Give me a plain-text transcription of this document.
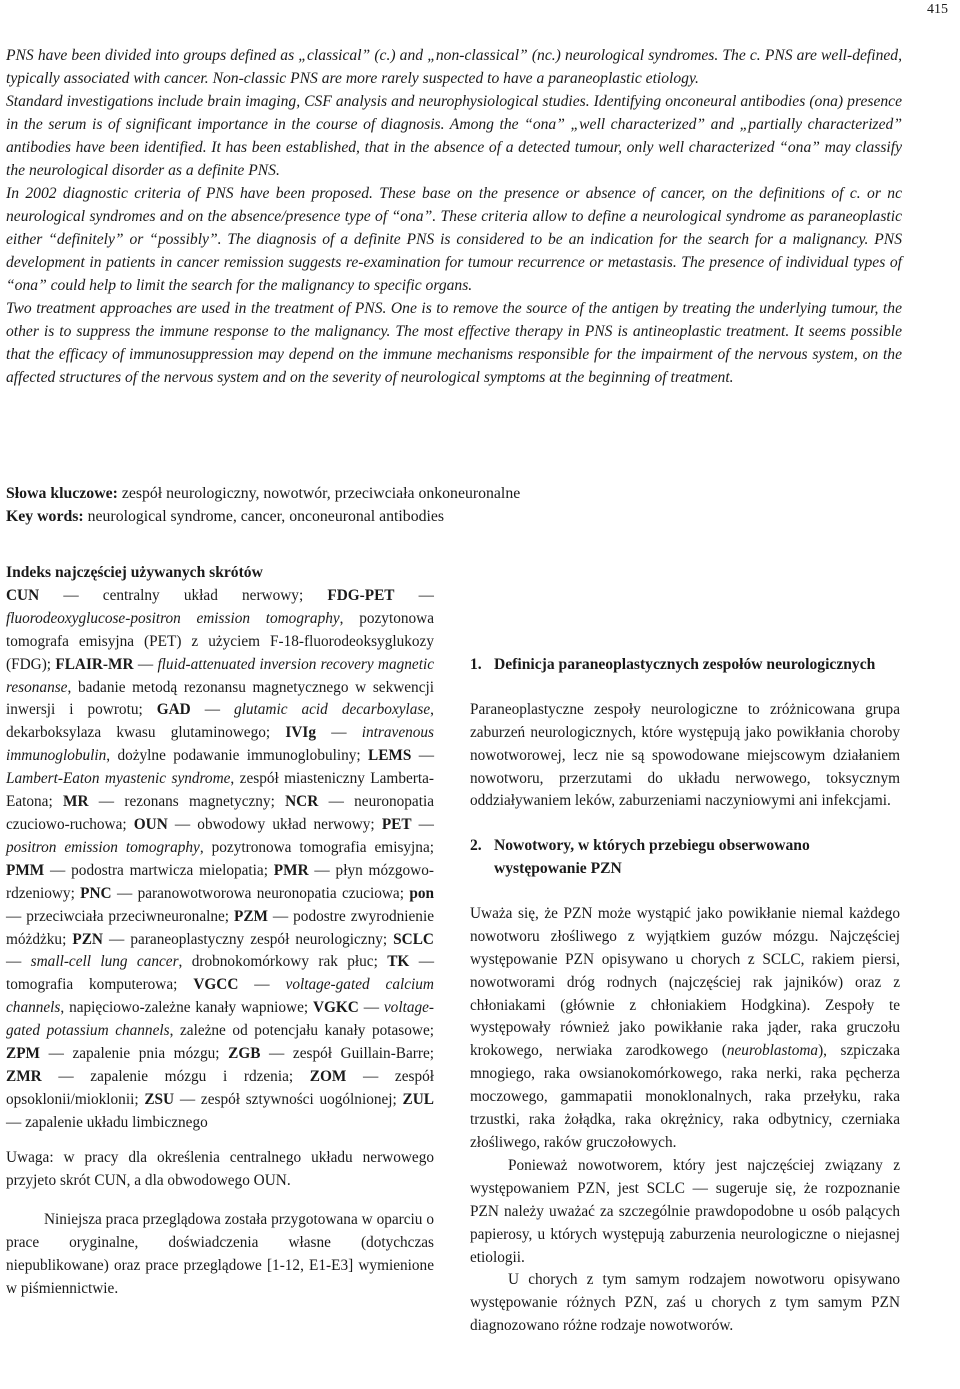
415

PNS have been divided into groups defined as „classical” (c.) and „non-classical” (nc.) neurological syndromes. The c. PNS are well-defined, typically associated with cancer. Non-classic PNS are more rarely suspected to have a paraneoplastic etiology.

Standard investigations include brain imaging, CSF analysis and neurophysiological studies. Identifying onconeural antibodies (ona) presence in the serum is of significant importance in the course of diagnosis. Among the “ona” „well characterized” and „partially characterized” antibodies have been identified. It has been established, that in the absence of a detected tumour, only well characterized “ona” may classify the neurological disorder as a definite PNS.

In 2002 diagnostic criteria of PNS have been proposed. These base on the presence or absence of cancer, on the definitions of c. or nc neurological syndromes and on the absence/presence type of “ona”. These criteria allow to define a neurological syndrome as paraneoplastic either “definitely” or “possibly”. The diagnosis of a definite PNS is considered to be an indication for the search for a malignancy. PNS development in patients in cancer remission suggests re-examination for tumour recurrence or metastasis. The presence of individual types of “ona” could help to limit the search for the malignancy to specific organs.

Two treatment approaches are used in the treatment of PNS. One is to remove the source of the antigen by treating the underlying tumour, the other is to suppress the immune response to the malignancy. The most effective therapy in PNS is antineoplastic treatment. It seems possible that the efficacy of immunosuppression may depend on the immune mechanisms responsible for the impairment of the nervous system, on the affected structures of the nervous system and on the severity of neurological symptoms at the beginning of treatment.

Słowa kluczowe: zespół neurologiczny, nowotwór, przeciwciała onkoneuronalne
Key words: neurological syndrome, cancer, onconeuronal antibodies

Indeks najczęściej używanych skrótów

CUN — centralny układ nerwowy; FDG-PET — fluorodeoxyglucose-positron emission tomography, pozytonowa tomografa emisyjna (PET) z użyciem F-18-fluorodeoksyglukozy (FDG); FLAIR-MR — fluid-attenuated inversion recovery magnetic resonanse, badanie metodą rezonansu magnetycznego w sekwencji inwersji i powrotu; GAD — glutamic acid decarboxylase, dekarboksylaza kwasu glutaminowego; IVIg — intravenous immunoglobulin, dożylne podawanie immunoglobuliny; LEMS — Lambert-Eaton myastenic syndrome, zespół miasteniczny Lamberta-Eatona; MR — rezonans magnetyczny; NCR — neuronopatia czuciowo-ruchowa; OUN — obwodowy układ nerwowy; PET — positron emission tomography, pozytronowa tomografia emisyjna; PMM — podostra martwicza mielopatia; PMR — płyn mózgowo-rdzeniowy; PNC — paranowotworowa neuronopatia czuciowa; pon — przeciwciała przeciwneuronalne; PZM — podostre zwyrodnienie móżdżku; PZN — paraneoplastyczny zespół neurologiczny; SCLC — small-cell lung cancer, drobnokomórkowy rak płuc; TK — tomografia komputerowa; VGCC — voltage-gated calcium channels, napięciowo-zależne kanały wapniowe; VGKC — voltage-gated potassium channels, zależne od potencjału kanały potasowe; ZPM — zapalenie pnia mózgu; ZGB — zespół Guillain-Barre; ZMR — zapalenie mózgu i rdzenia; ZOM — zespół opsoklonii/mioklonii; ZSU — zespół sztywności uogólnionej; ZUL — zapalenie układu limbicznego

Uwaga: w pracy dla określenia centralnego układu nerwowego przyjeto skrót CUN, a dla obwodowego OUN.

Niniejsza praca przeglądowa została przygotowana w oparciu o prace oryginalne, doświadczenia własne (dotychczas niepublikowane) oraz prace przeglądowe [1-12, E1-E3] wymienione w piśmiennictwie.

1. Definicja paraneoplastycznych zespołów neurologicznych

Paraneoplastyczne zespoły neurologiczne to zróżnicowana grupa zaburzeń neurologicznych, które występują jako powikłania choroby nowotworowej, lecz nie są spowodowane miejscowym działaniem nowotworu, przerzutami do układu nerwowego, toksycznym oddziaływaniem leków, zaburzeniami naczyniowymi ani infekcjami.

2. Nowotwory, w których przebiegu obserwowano występowanie PZN

Uważa się, że PZN może wystąpić jako powikłanie niemal każdego nowotworu złośliwego z wyjątkiem guzów mózgu. Najczęściej występowanie PZN opisywano u chorych z SCLC, rakiem piersi, nowotworami dróg rodnych (najczęściej rak jajników) oraz z chłoniakami (głównie z chłoniakiem Hodgkina). Zespoły te występowały również jako powikłanie raka jąder, raka gruczołu krokowego, nerwiaka zarodkowego (neuroblastoma), szpiczaka mnogiego, raka owsianokomórkowego, raka nerki, raka pęcherza moczowego, gammapatii monoklonalnych, raka przełyku, raka trzustki, raka żołądka, raka okrężnicy, raka odbytnicy, czerniaka złośliwego, raków gruczołowych.

Ponieważ nowotworem, który jest najczęściej związany z występowaniem PZN, jest SCLC — sugeruje się, że rozpoznanie PZN należy uważać za szczególnie prawdopodobne u osób palących papierosy, u których występują zaburzenia neurologiczne o niejasnej etiologii.

U chorych z tym samym rodzajem nowotworu opisywano występowanie różnych PZN, zaś u chorych z tym samym PZN diagnozowano różne rodzaje nowotworów.
